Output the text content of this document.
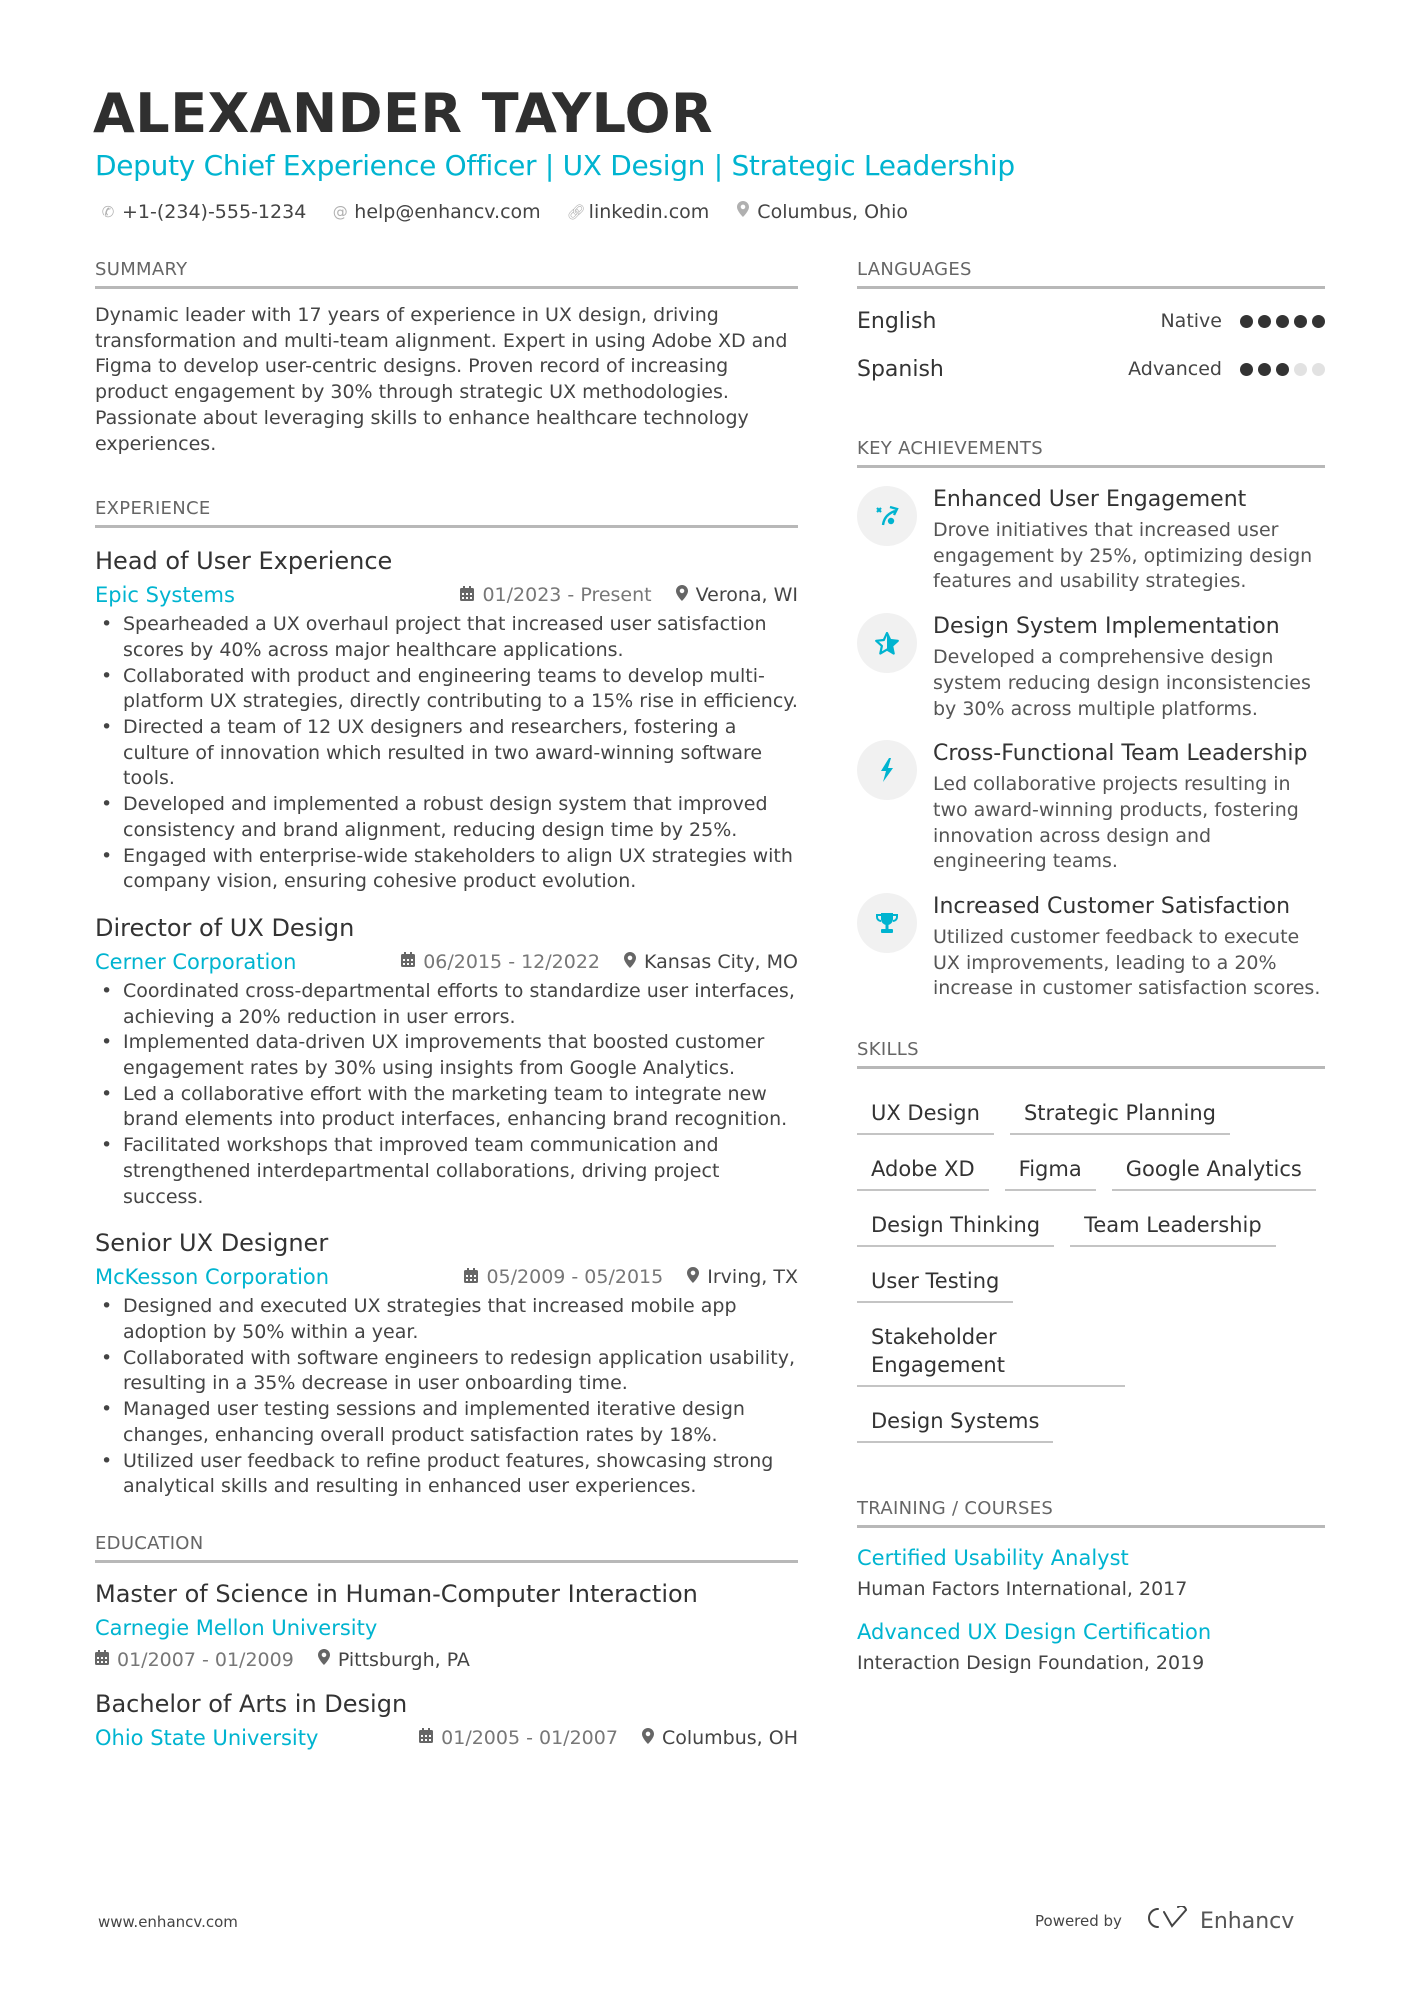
ALEXANDER TAYLOR
Deputy Chief Experience Officer | UX Design | Strategic Leadership
✆ +1-(234)-555-1234 @ help@enhancv.com 🔗︎ linkedin.com	Columbus, Ohio
SUMMARY

Dynamic leader with 17 years of experience in UX design, driving transformation and multi-team alignment. Expert in using Adobe XD and Figma to develop user-centric designs. Proven record of increasing product engagement by 30% through strategic UX methodologies. Passionate about leveraging skills to enhance healthcare technology experiences.

EXPERIENCE
Head of User Experience
Epic Systems	01/2023 - Present Verona, WI
• Spearheaded a UX overhaul project that increased user satisfaction scores by 40% across major healthcare applications.
• Collaborated with product and engineering teams to develop multi-platform UX strategies, directly contributing to a 15% rise in efficiency.
• Directed a team of 12 UX designers and researchers, fostering a culture of innovation which resulted in two award-winning software tools.
• Developed and implemented a robust design system that improved consistency and brand alignment, reducing design time by 25%.
• Engaged with enterprise-wide stakeholders to align UX strategies with company vision, ensuring cohesive product evolution.
Director of UX Design
Cerner Corporation	06/2015 - 12/2022 Kansas City, MO
• Coordinated cross-departmental efforts to standardize user interfaces, achieving a 20% reduction in user errors.
• Implemented data-driven UX improvements that boosted customer engagement rates by 30% using insights from Google Analytics.
• Led a collaborative effort with the marketing team to integrate new brand elements into product interfaces, enhancing brand recognition.
• Facilitated workshops that improved team communication and strengthened interdepartmental collaborations, driving project success.
Senior UX Designer
McKesson Corporation	05/2009 - 05/2015 Irving, TX
• Designed and executed UX strategies that increased mobile app adoption by 50% within a year.
• Collaborated with software engineers to redesign application usability, resulting in a 35% decrease in user onboarding time.
• Managed user testing sessions and implemented iterative design changes, enhancing overall product satisfaction rates by 18%.
• Utilized user feedback to refine product features, showcasing strong analytical skills and resulting in enhanced user experiences.
EDUCATION
Master of Science in Human-Computer Interaction
Carnegie Mellon University
01/2007 - 01/2009 Pittsburgh, PA
Bachelor of Arts in Design
Ohio State University	01/2005 - 01/2007 Columbus, OH
LANGUAGES
English	Native
Spanish	Advanced
KEY ACHIEVEMENTS
Enhanced User Engagement
Drove initiatives that increased user engagement by 25%, optimizing design features and usability strategies.
Design System Implementation
Developed a comprehensive design system reducing design inconsistencies by 30% across multiple platforms.
Cross-Functional Team Leadership
Led collaborative projects resulting in two award-winning products, fostering innovation across design and engineering teams.
Increased Customer Satisfaction
Utilized customer feedback to execute UX improvements, leading to a 20% increase in customer satisfaction scores.
SKILLS
UX Design	Strategic Planning
Adobe XD	Figma	Google Analytics
Design Thinking	Team Leadership
User Testing
Stakeholder Engagement
Design Systems
TRAINING / COURSES
Certified Usability Analyst
Human Factors International, 2017
Advanced UX Design Certification
Interaction Design Foundation, 2019
www.enhancv.com	Powered by	Enhancv
